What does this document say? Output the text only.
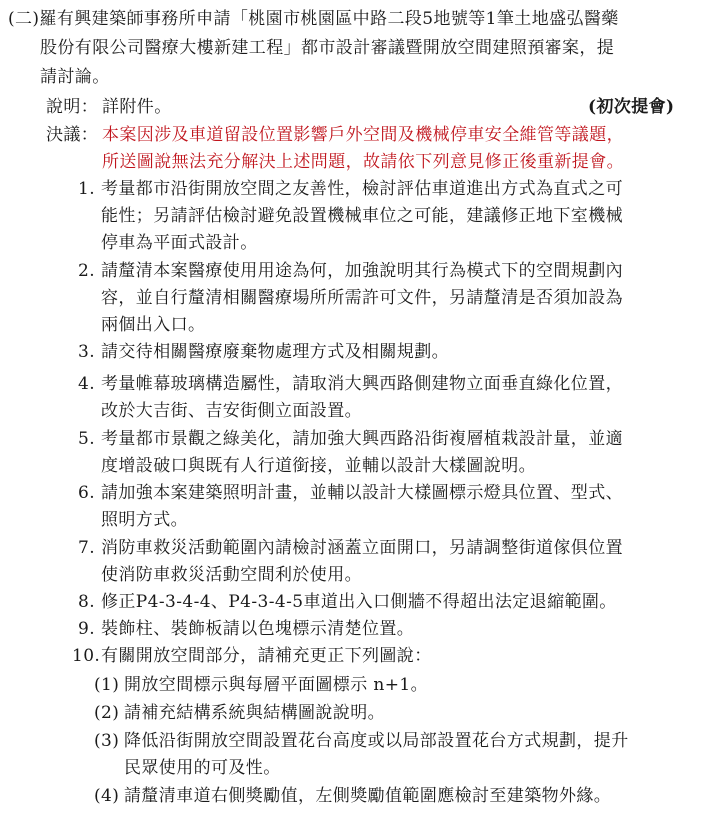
(二)羅有興建築師事務所申請「桃園市桃園區中路二段5地號等1筆土地盛弘醫藥
股份有限公司醫療大樓新建工程」都市設計審議暨開放空間建照預審案，提
請討論。
說明： 詳附件。	(初次提會)
決議： 本案因涉及車道留設位置影響戶外空間及機械停車安全維管等議題，
所送圖說無法充分解決上述問題，故請依下列意見修正後重新提會。
1. 考量都市沿街開放空間之友善性，檢討評估車道進出方式為直式之可
能性；另請評估檢討避免設置機械車位之可能，建議修正地下室機械
停車為平面式設計。
2. 請釐清本案醫療使用用途為何，加強說明其行為模式下的空間規劃內
容，並自行釐清相關醫療場所所需許可文件，另請釐清是否須加設為
兩個出入口。
3. 請交待相關醫療廢棄物處理方式及相關規劃。
4. 考量帷幕玻璃構造屬性，請取消大興西路側建物立面垂直綠化位置，
改於大吉街、吉安街側立面設置。
5. 考量都市景觀之綠美化，請加強大興西路沿街複層植栽設計量，並適
度增設破口與既有人行道銜接，並輔以設計大樣圖說明。
6. 請加強本案建築照明計畫，並輔以設計大樣圖標示燈具位置、型式、
照明方式。
7. 消防車救災活動範圍內請檢討涵蓋立面開口，另請調整街道傢俱位置
使消防車救災活動空間利於使用。
8. 修正P4-3-4-4、P4-3-4-5車道出入口側牆不得超出法定退縮範圍。
9. 裝飾柱、裝飾板請以色塊標示清楚位置。
10. 有關開放空間部分，請補充更正下列圖說：
(1) 開放空間標示與每層平面圖標示 n+1。
(2) 請補充結構系統與結構圖說說明。
(3) 降低沿街開放空間設置花台高度或以局部設置花台方式規劃，提升
民眾使用的可及性。
(4) 請釐清車道右側獎勵值，左側獎勵值範圍應檢討至建築物外緣。
